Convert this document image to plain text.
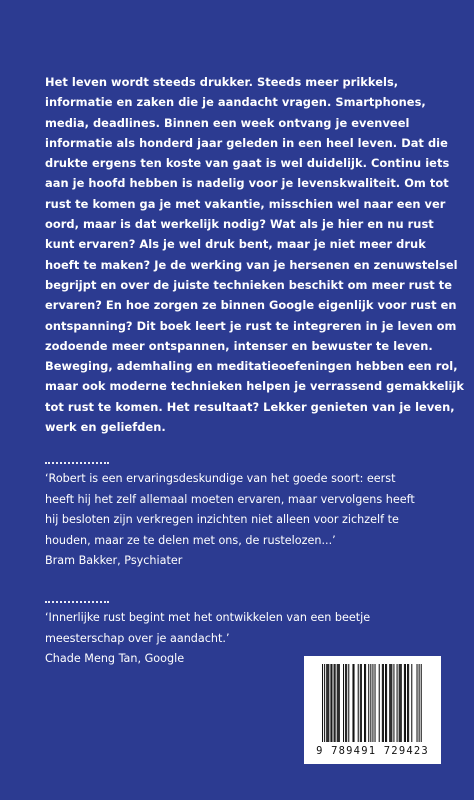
Het leven wordt steeds drukker. Steeds meer prikkels,
informatie en zaken die je aandacht vragen. Smartphones,
media, deadlines. Binnen een week ontvang je evenveel
informatie als honderd jaar geleden in een heel leven. Dat die
drukte ergens ten koste van gaat is wel duidelijk. Continu iets
aan je hoofd hebben is nadelig voor je levenskwaliteit. Om tot
rust te komen ga je met vakantie, misschien wel naar een ver
oord, maar is dat werkelijk nodig? Wat als je hier en nu rust
kunt ervaren? Als je wel druk bent, maar je niet meer druk
hoeft te maken? Je de werking van je hersenen en zenuwstelsel
begrijpt en over de juiste technieken beschikt om meer rust te
ervaren? En hoe zorgen ze binnen Google eigenlijk voor rust en
ontspanning? Dit boek leert je rust te integreren in je leven om
zodoende meer ontspannen, intenser en bewuster te leven.
Beweging, ademhaling en meditatieoefeningen hebben een rol,
maar ook moderne technieken helpen je verrassend gemakkelijk
tot rust te komen. Het resultaat? Lekker genieten van je leven,
werk en geliefden.
‘Robert is een ervaringsdeskundige van het goede soort: eerst
heeft hij het zelf allemaal moeten ervaren, maar vervolgens heeft
hij besloten zijn verkregen inzichten niet alleen voor zichzelf te
houden, maar ze te delen met ons, de rustelozen...’
Bram Bakker, Psychiater
‘Innerlijke rust begint met het ontwikkelen van een beetje
meesterschap over je aandacht.’
Chade Meng Tan, Google
9 789491 729423
